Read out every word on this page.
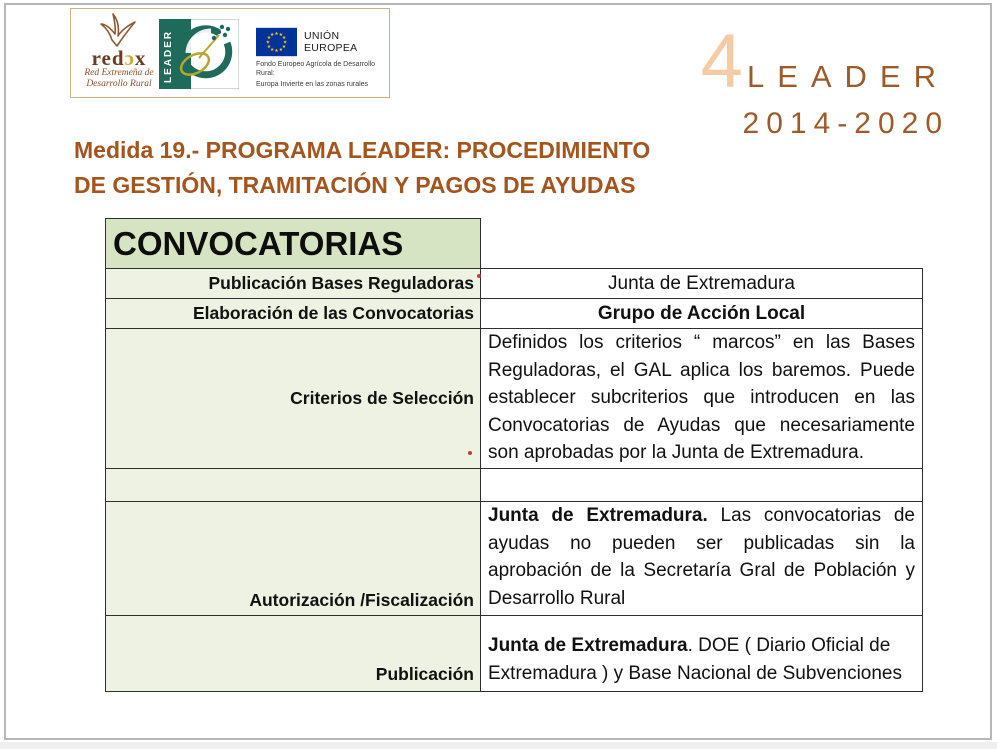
redɔx
Red Extremeña de
Desarrollo Rural
LEADER	★ ★
★
★
★
★
★
★
★
★
★
★	UNIÓN EUROPEA
Fondo Europeo Agrícola de Desarrollo Rural:
Europa Invierte en las zonas rurales	4 LEADER
2014-2020
Medida 19.- PROGRAMA LEADER: PROCEDIMIENTO
DE GESTIÓN, TRAMITACIÓN Y PAGOS DE AYUDAS
CONVOCATORIAS	
Publicación Bases Reguladoras	Junta de Extremadura
Elaboración de las Convocatorias	Grupo de Acción Local
Criterios de Selección	Definidos los criterios “ marcos” en las Bases Reguladoras, el GAL aplica los baremos. Puede establecer subcriterios que introducen en las Convocatorias de Ayudas que necesariamente son aprobadas por la Junta de Extremadura.

Autorización /Fiscalización	Junta de Extremadura. Las convocatorias de ayudas no pueden ser publicadas sin la aprobación de la Secretaría Gral de Población y Desarrollo Rural
Publicación	Junta de Extremadura. DOE ( Diario Oficial de Extremadura ) y Base Nacional de Subvenciones
